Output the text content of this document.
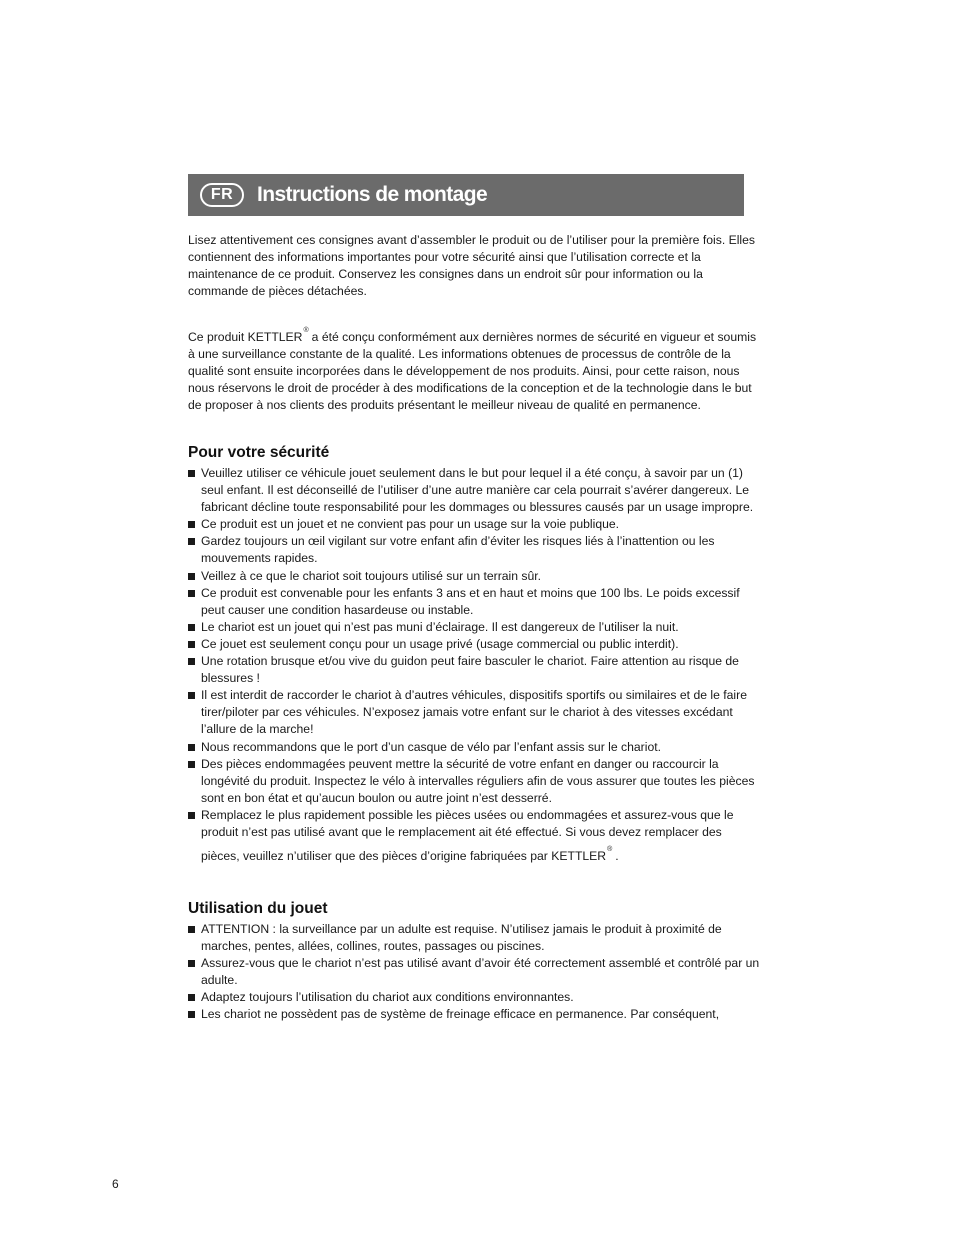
FR	Instructions de montage

Lisez attentivement ces consignes avant d’assembler le produit ou de l’utiliser pour la première fois. Elles contiennent des informations importantes pour votre sécurité ainsi que l’utilisation correcte et la maintenance de ce produit. Conservez les consignes dans un endroit sûr pour information ou la commande de pièces détachées.

Ce produit KETTLER® a été conçu conformément aux dernières normes de sécurité en vigueur et soumis à une surveillance constante de la qualité. Les informations obtenues de processus de contrôle de la qualité sont ensuite incorporées dans le développement de nos produits. Ainsi, pour cette raison, nous nous réservons le droit de procéder à des modifications de la conception et de la technologie dans le but de proposer à nos clients des produits présentant le meilleur niveau de qualité en permanence.

Pour votre sécurité
Veuillez utiliser ce véhicule jouet seulement dans le but pour lequel il a été conçu, à savoir par un (1) seul enfant. Il est déconseillé de l’utiliser d’une autre manière car cela pourrait s’avérer dangereux. Le fabricant décline toute responsabilité pour les dommages ou blessures causés par un usage impropre.
Ce produit est un jouet et ne convient pas pour un usage sur la voie publique.
Gardez toujours un œil vigilant sur votre enfant afin d’éviter les risques liés à l’inattention ou les mouvements rapides.
Veillez à ce que le chariot soit toujours utilisé sur un terrain sûr.
Ce produit est convenable pour les enfants 3 ans et en haut et moins que 100 lbs. Le poids excessif peut causer une condition hasardeuse ou instable.
Le chariot est un jouet qui n’est pas muni d’éclairage. Il est dangereux de l’utiliser la nuit.
Ce jouet est seulement conçu pour un usage privé (usage commercial ou public interdit).
Une rotation brusque et/ou vive du guidon peut faire basculer le chariot. Faire attention au risque de blessures !
Il est interdit de raccorder le chariot à d’autres véhicules, dispositifs sportifs ou similaires et de le faire tirer/piloter par ces véhicules. N’exposez jamais votre enfant sur le chariot à des vitesses excédant l’allure de la marche!
Nous recommandons que le port d’un casque de vélo par l’enfant assis sur le chariot.
Des pièces endommagées peuvent mettre la sécurité de votre enfant en danger ou raccourcir la longévité du produit. Inspectez le vélo à intervalles réguliers afin de vous assurer que toutes les pièces sont en bon état et qu’aucun boulon ou autre joint n’est desserré.
Remplacez le plus rapidement possible les pièces usées ou endommagées et assurez-vous que le produit n’est pas utilisé avant que le remplacement ait été effectué. Si vous devez remplacer des pièces, veuillez n’utiliser que des pièces d’origine fabriquées par KETTLER® .
Utilisation du jouet
ATTENTION : la surveillance par un adulte est requise. N’utilisez jamais le produit à proximité de marches, pentes, allées, collines, routes, passages ou piscines.
Assurez-vous que le chariot n’est pas utilisé avant d’avoir été correctement assemblé et contrôlé par un adulte.
Adaptez toujours l’utilisation du chariot aux conditions environnantes.
Les chariot ne possèdent pas de système de freinage efficace en permanence. Par conséquent,
6
